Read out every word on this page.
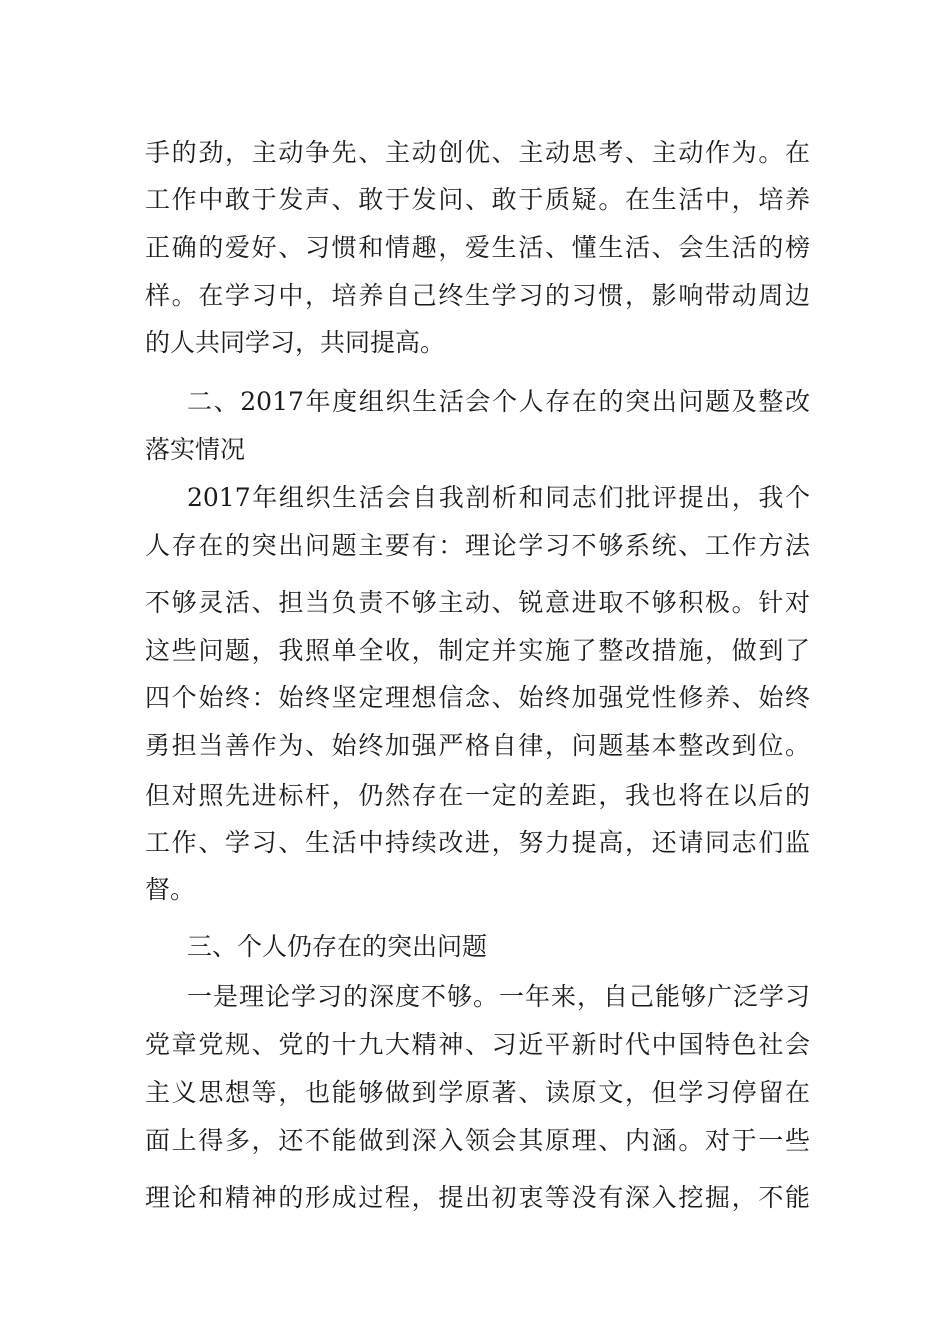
手的劲，主动争先、主动创优、主动思考、主动作为。在
工作中敢于发声、敢于发问、敢于质疑。在生活中，培养
正确的爱好、习惯和情趣，爱生活、懂生活、会生活的榜
样。在学习中，培养自己终生学习的习惯，影响带动周边
的人共同学习，共同提高。
二、2017年度组织生活会个人存在的突出问题及整改
落实情况
2017年组织生活会自我剖析和同志们批评提出，我个
人存在的突出问题主要有：理论学习不够系统、工作方法
不够灵活、担当负责不够主动、锐意进取不够积极。针对
这些问题，我照单全收，制定并实施了整改措施，做到了
四个始终：始终坚定理想信念、始终加强党性修养、始终
勇担当善作为、始终加强严格自律，问题基本整改到位。
但对照先进标杆，仍然存在一定的差距，我也将在以后的
工作、学习、生活中持续改进，努力提高，还请同志们监
督。
三、个人仍存在的突出问题
一是理论学习的深度不够。一年来，自己能够广泛学习
党章党规、党的十九大精神、习近平新时代中国特色社会
主义思想等，也能够做到学原著、读原文，但学习停留在
面上得多，还不能做到深入领会其原理、内涵。对于一些
理论和精神的形成过程，提出初衷等没有深入挖掘，不能
